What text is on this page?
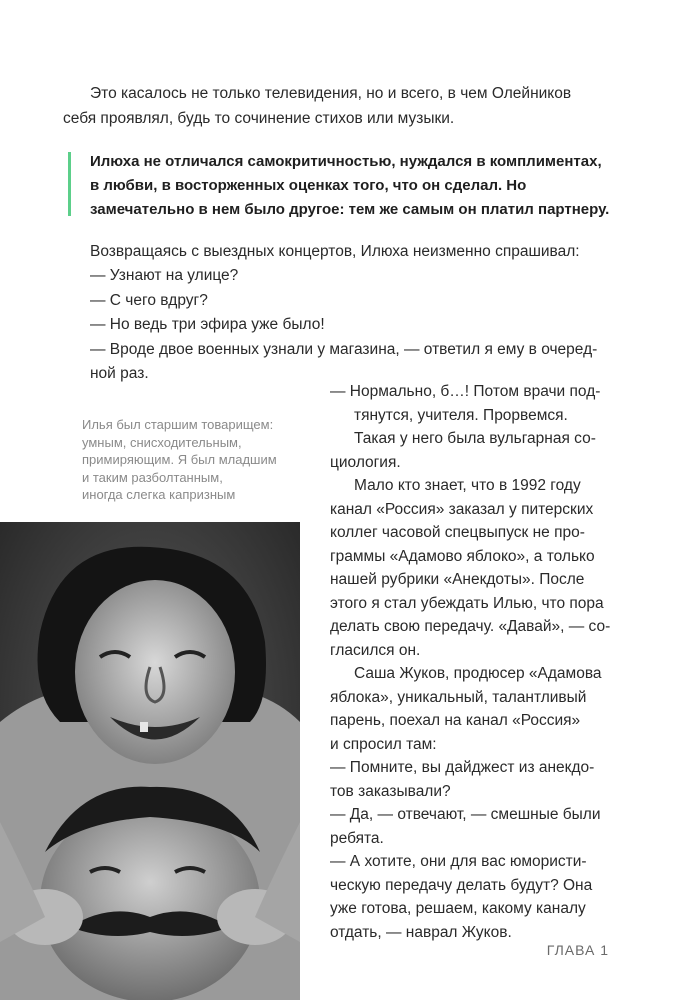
Это касалось не только телевидения, но и всего, в чем Олейников
себя проявлял, будь то сочинение стихов или музыки.
Илюха не отличался самокритичностью, нуждался в комплиментах,
в любви, в восторженных оценках того, что он сделал. Но
замечательно в нем было другое: тем же самым он платил партнеру.
Возвращаясь с выездных концертов, Илюха неизменно спрашивал:
— Узнают на улице?
— С чего вдруг?
— Но ведь три эфира уже было!
— Вроде двое военных узнали у магазина, — ответил я ему в очеред-
ной раз.
Илья был старшим товарищем:
умным, снисходительным,
примиряющим. Я был младшим
и таким разболтанным,
иногда слегка капризным
— Нормально, б…! Потом врачи под-
тянутся, учителя. Прорвемся.
Такая у него была вульгарная со-
циология.
Мало кто знает, что в 1992 году
канал «Россия» заказал у питерских
коллег часовой спецвыпуск не про-
граммы «Адамово яблоко», а только
нашей рубрики «Анекдоты». После
этого я стал убеждать Илью, что пора
делать свою передачу. «Давай», — со-
гласился он.
Саша Жуков, продюсер «Адамова
яблока», уникальный, талантливый
парень, поехал на канал «Россия»
и спросил там:
— Помните, вы дайджест из анекдо-
тов заказывали?
— Да, — отвечают, — смешные были
ребята.
— А хотите, они для вас юмористи-
ческую передачу делать будут? Она
уже готова, решаем, какому каналу
ГЛАВА 1
отдать, — наврал Жуков.
